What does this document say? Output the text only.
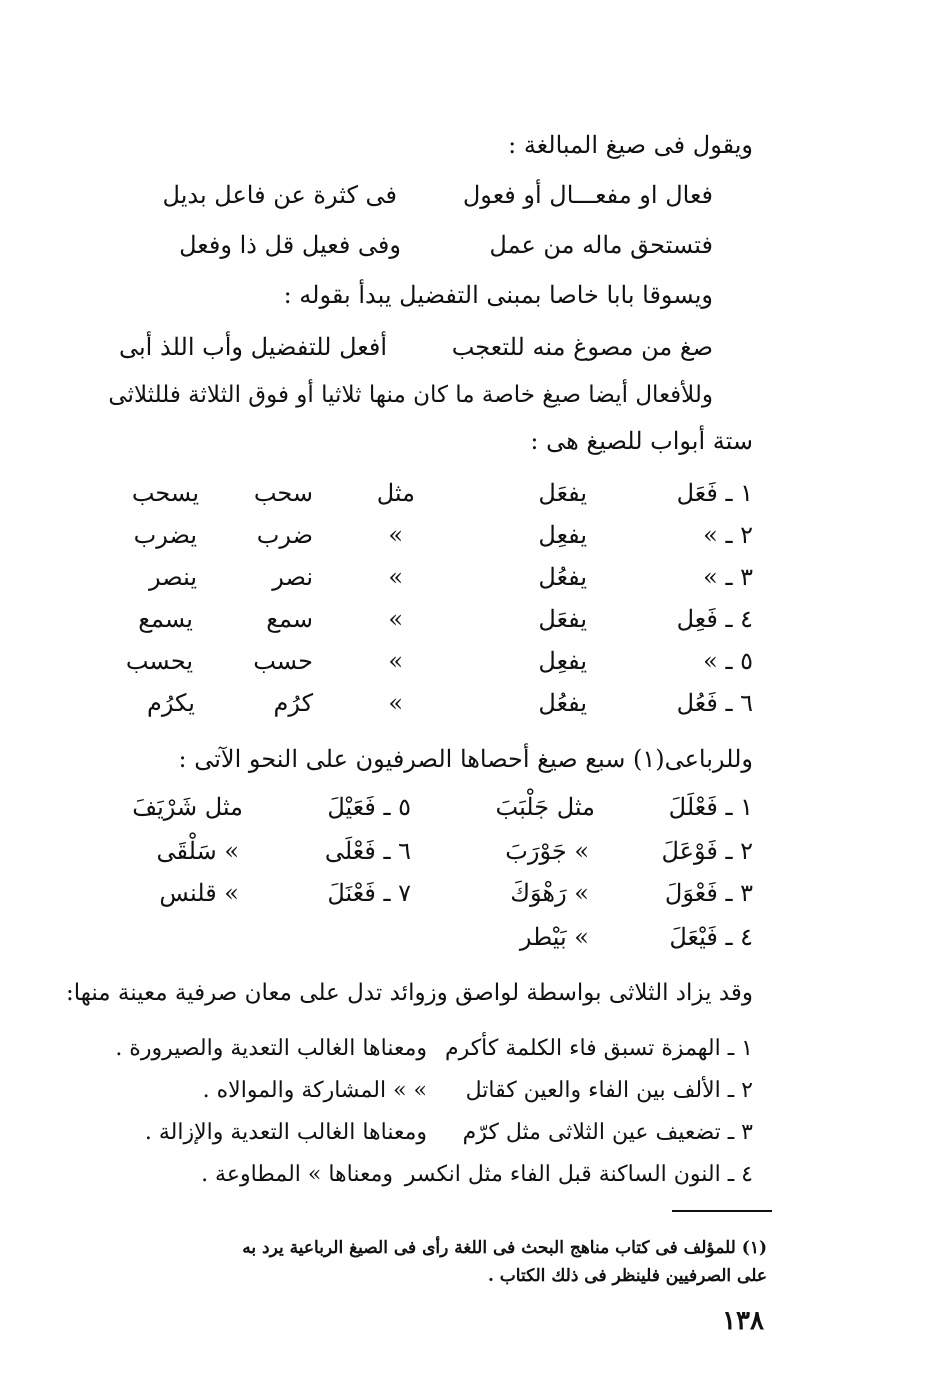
ويقول فى صيغ المبالغة :
فعال او مفعـــال أو فعول
فى كثرة عن فاعل بديل
فتستحق ماله من عمل
وفى فعيل قل ذا وفعل
ويسوقا بابا خاصا بمبنى التفضيل يبدأ بقوله :
صغ من مصوغ منه للتعجب
أفعل للتفضيل وأب اللذ أبى
وللأفعال أيضا صيغ خاصة ما كان منها ثلاثيا أو فوق الثلاثة فللثلاثى
ستة أبواب للصيغ هى :
١ ـ فَعَل
يفعَل
مثل
سحب
يسحب
٢ ـ »
يفعِل
»
ضرب
يضرب
٣ ـ »
يفعُل
»
نصر
ينصر
٤ ـ فَعِل
يفعَل
»
سمع
يسمع
٥ ـ »
يفعِل
»
حسب
يحسب
٦ ـ فَعُل
يفعُل
»
كرُم
يكرُم
وللرباعى(١) سبع صيغ أحصاها الصرفيون على النحو الآتى :
١ ـ فَعْلَلَ
مثل جَلْبَبَ
٥ ـ فَعَيْلَ
مثل شَرْيَفَ
٢ ـ فَوْعَلَ
» جَوْرَبَ
٦ ـ فَعْلَى
» سَلْقَى
٣ ـ فَعْوَلَ
» رَهْوَكَ
٧ ـ فَعْنَلَ
» قلنس
٤ ـ فَيْعَلَ
» بَيْطر
وقد يزاد الثلاثى بواسطة لواصق وزوائد تدل على معان صرفية معينة منها:
١ ـ الهمزة تسبق فاء الكلمة كأكرم
ومعناها الغالب التعدية والصيرورة .
٢ ـ الألف بين الفاء والعين كقاتل
» » المشاركة والموالاه .
٣ ـ تضعيف عين الثلاثى مثل كرّم
ومعناها الغالب التعدية والإزالة .
٤ ـ النون الساكنة قبل الفاء مثل انكسر
ومعناها » المطاوعة .
(١) للمؤلف فى كتاب مناهج البحث فى اللغة رأى فى الصيغ الرباعية يرد به
على الصرفيين فلينظر فى ذلك الكتاب .
١٣٨
